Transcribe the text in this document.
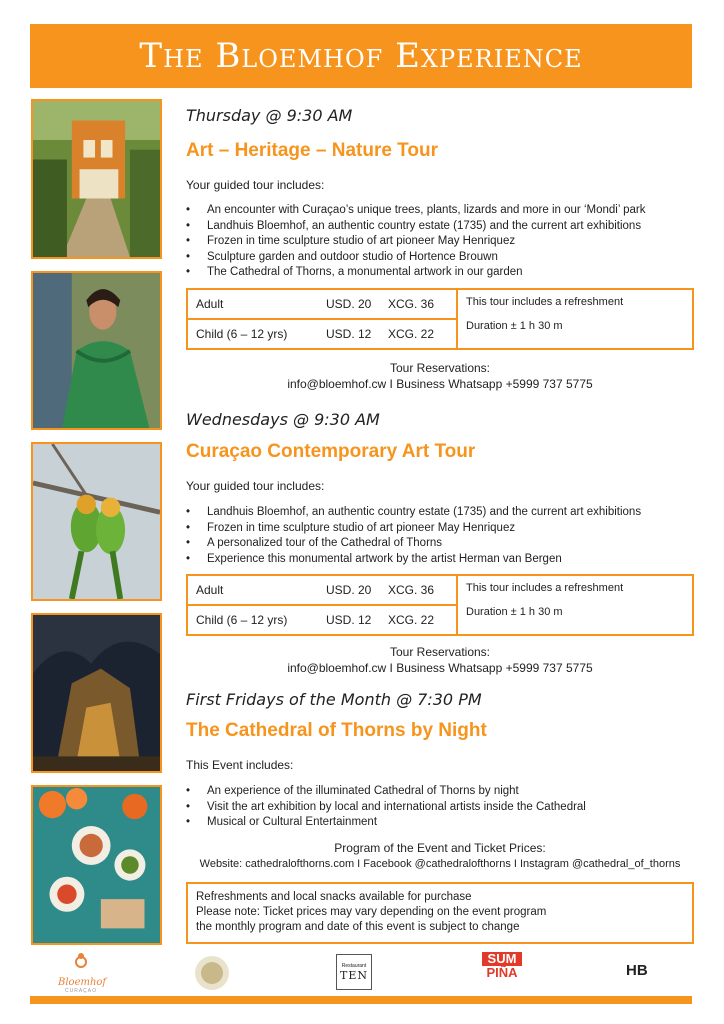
The Bloemhof Experience
Thursday @ 9:30 AM
Art – Heritage – Nature Tour
Your guided tour includes:
• An encounter with Curaçao’s unique trees, plants, lizards and more in our ‘Mondi’ park
• Landhuis Bloemhof, an authentic country estate (1735) and the current art exhibitions
• Frozen in time sculpture studio of art pioneer May Henriquez
• Sculpture garden and outdoor studio of Hortence Brouwn
• The Cathedral of Thorns, a monumental artwork in our garden
Adult	USD. 20	XCG. 36
Child (6 – 12 yrs)	USD. 12	XCG. 22
This tour includes a refreshment
Duration ± 1 h 30 m
Tour Reservations:
info@bloemhof.cw I Business Whatsapp +5999 737 5775
Wednesdays @ 9:30 AM
Curaçao Contemporary Art Tour
Your guided tour includes:
• Landhuis Bloemhof, an authentic country estate (1735) and the current art exhibitions
• Frozen in time sculpture studio of art pioneer May Henriquez
• A personalized tour of the Cathedral of Thorns
• Experience this monumental artwork by the artist Herman van Bergen
Adult	USD. 20	XCG. 36
Child (6 – 12 yrs)	USD. 12	XCG. 22
This tour includes a refreshment
Duration ± 1 h 30 m
Tour Reservations:
info@bloemhof.cw I Business Whatsapp +5999 737 5775
First Fridays of the Month @ 7:30 PM
The Cathedral of Thorns by Night
This Event includes:
• An experience of the illuminated Cathedral of Thorns by night
• Visit the art exhibition by local and international artists inside the Cathedral
• Musical or Cultural Entertainment
Program of the Event and Ticket Prices:
Website: cathedralofthorns.com I Facebook @cathedralofthorns I Instagram @cathedral_of_thorns
Refreshments and local snacks available for purchase
Please note: Ticket prices may vary depending on the event program
the monthly program and date of this event is subject to change
Bloemhof
CURAÇAO
Restaurant
TEN
SUM
PIÑA	HB
